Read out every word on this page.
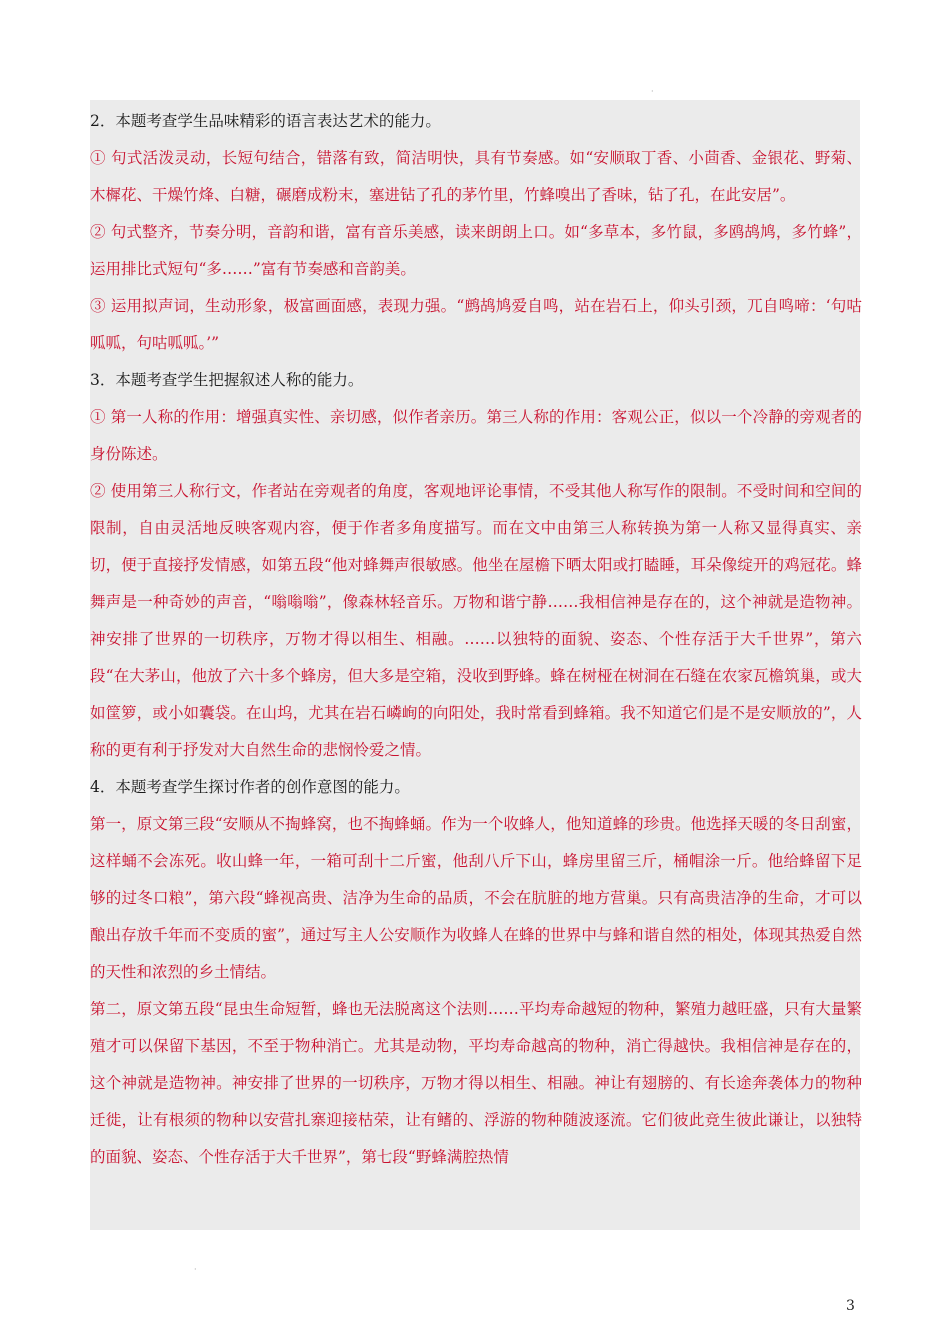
·
·

2．本题考查学生品味精彩的语言表达艺术的能力。

① 句式活泼灵动，长短句结合，错落有致，简洁明快，具有节奏感。如“安顺取丁香、小茴香、金银花、野菊、木樨花、干燥竹烽、白糖，碾磨成粉末，塞进钻了孔的茅竹里，竹蜂嗅出了香味，钻了孔，在此安居”。

② 句式整齐，节奏分明，音韵和谐，富有音乐美感，读来朗朗上口。如“多草本，多竹鼠，多鸥鸪鸠，多竹蜂”，运用排比式短句“多……”富有节奏感和音韵美。

③ 运用拟声词，生动形象，极富画面感，表现力强。“鹧鸪鸠爱自鸣，站在岩石上，仰头引颈，兀自鸣啼：‘句咕呱呱，句咕呱呱。’”

3．本题考查学生把握叙述人称的能力。

① 第一人称的作用：增强真实性、亲切感，似作者亲历。第三人称的作用：客观公正，似以一个冷静的旁观者的身份陈述。

② 使用第三人称行文，作者站在旁观者的角度，客观地评论事情，不受其他人称写作的限制。不受时间和空间的限制，自由灵活地反映客观内容，便于作者多角度描写。而在文中由第三人称转换为第一人称又显得真实、亲切，便于直接抒发情感，如第五段“他对蜂舞声很敏感。他坐在屋檐下晒太阳或打瞌睡，耳朵像绽开的鸡冠花。蜂舞声是一种奇妙的声音，“嗡嗡嗡”，像森林轻音乐。万物和谐宁静……我相信神是存在的，这个神就是造物神。神安排了世界的一切秩序，万物才得以相生、相融。……以独特的面貌、姿态、个性存活于大千世界”，第六段“在大茅山，他放了六十多个蜂房，但大多是空箱，没收到野蜂。蜂在树桠在树洞在石缝在农家瓦檐筑巢，或大如筐箩，或小如囊袋。在山坞，尤其在岩石嶙峋的向阳处，我时常看到蜂箱。我不知道它们是不是安顺放的”，人称的更有利于抒发对大自然生命的悲悯怜爱之情。

4．本题考查学生探讨作者的创作意图的能力。

第一，原文第三段“安顺从不掏蜂窝，也不掏蜂蛹。作为一个收蜂人，他知道蜂的珍贵。他选择天暖的冬日刮蜜，这样蛹不会冻死。收山蜂一年，一箱可刮十二斤蜜，他刮八斤下山，蜂房里留三斤，桶帽涂一斤。他给蜂留下足够的过冬口粮”，第六段“蜂视高贵、洁净为生命的品质，不会在肮脏的地方营巢。只有高贵洁净的生命，才可以酿出存放千年而不变质的蜜”，通过写主人公安顺作为收蜂人在蜂的世界中与蜂和谐自然的相处，体现其热爱自然的天性和浓烈的乡土情结。

第二，原文第五段“昆虫生命短暂，蜂也无法脱离这个法则……平均寿命越短的物种，繁殖力越旺盛，只有大量繁殖才可以保留下基因，不至于物种消亡。尤其是动物，平均寿命越高的物种，消亡得越快。我相信神是存在的，这个神就是造物神。神安排了世界的一切秩序，万物才得以相生、相融。神让有翅膀的、有长途奔袭体力的物种迁徙，让有根须的物种以安营扎寨迎接枯荣，让有鳍的、浮游的物种随波逐流。它们彼此竞生彼此谦让，以独特的面貌、姿态、个性存活于大千世界”，第七段“野蜂满腔热情

3
